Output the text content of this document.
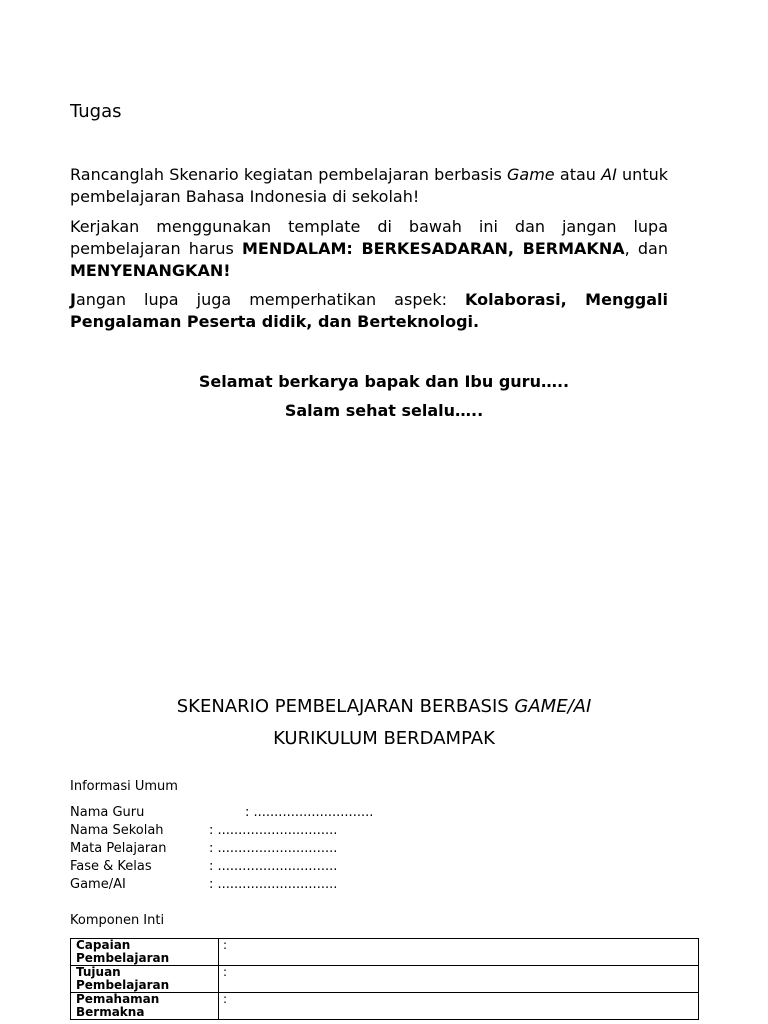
Tugas
Rancanglah Skenario kegiatan pembelajaran berbasis Game atau AI untuk pembelajaran Bahasa Indonesia di sekolah!
Kerjakan menggunakan template di bawah ini dan jangan lupa pembelajaran harus MENDALAM: BERKESADARAN, BERMAKNA, dan MENYENANGKAN!
Jangan lupa juga memperhatikan aspek: Kolaborasi, Menggali Pengalaman Peserta didik, dan Berteknologi.
Selamat berkarya bapak dan Ibu guru…..
Salam sehat selalu…..
SKENARIO PEMBELAJARAN BERBASIS GAME/AI
KURIKULUM BERDAMPAK
Informasi Umum
Nama Guru	: .............................
Nama Sekolah	: .............................
Mata Pelajaran	: .............................
Fase & Kelas	: .............................
Game/AI	: .............................
Komponen Inti
Capaian Pembelajaran	:
Tujuan Pembelajaran	:
Pemahaman Bermakna	:
